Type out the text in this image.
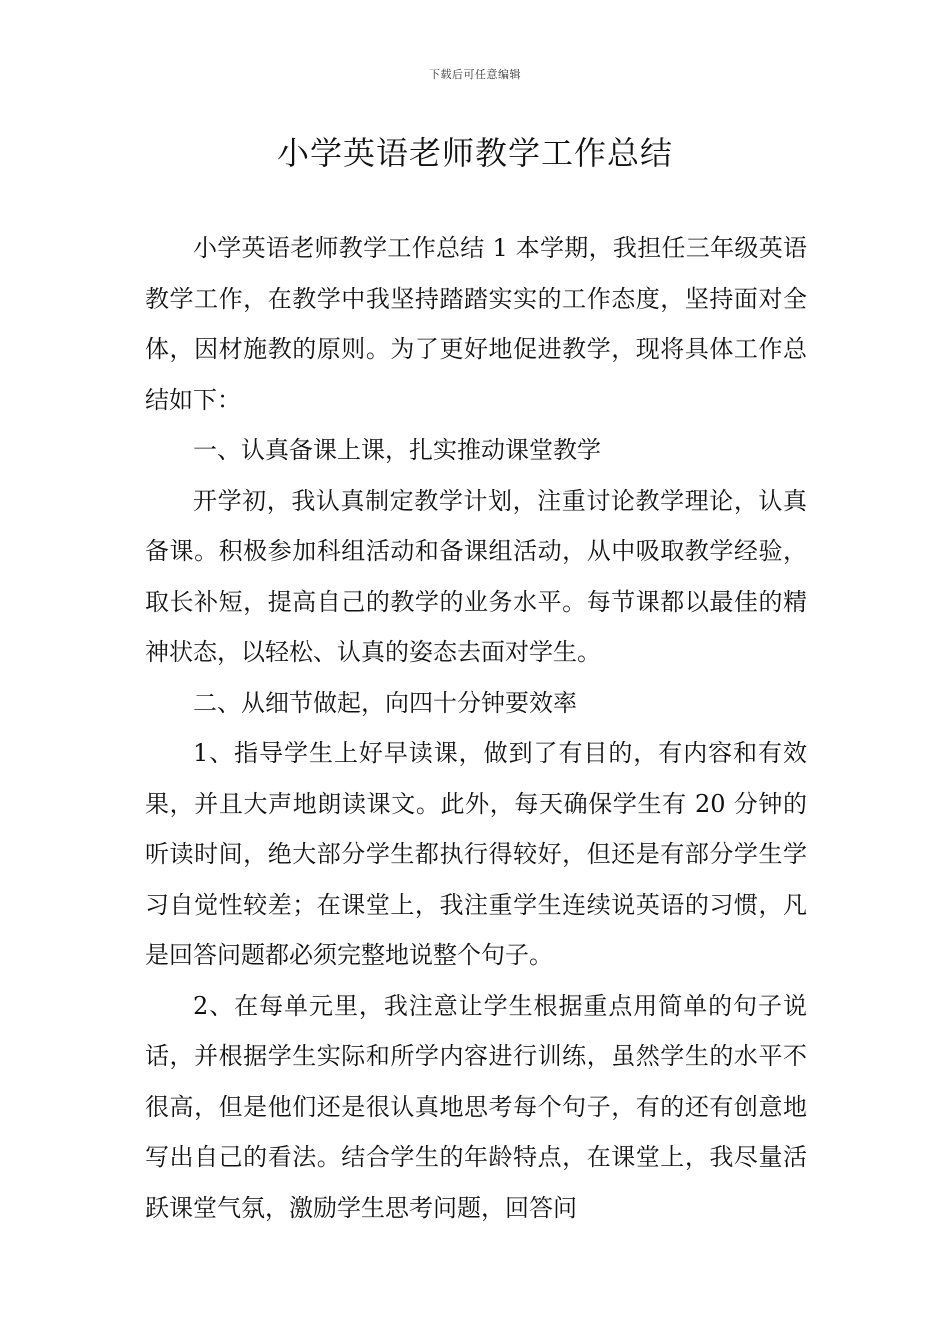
下载后可任意编辑
小学英语老师教学工作总结

小学英语老师教学工作总结 1 本学期，我担任三年级英语教学工作，在教学中我坚持踏踏实实的工作态度，坚持面对全体，因材施教的原则。为了更好地促进教学，现将具体工作总结如下：

一、认真备课上课，扎实推动课堂教学

开学初，我认真制定教学计划，注重讨论教学理论，认真备课。积极参加科组活动和备课组活动，从中吸取教学经验，取长补短，提高自己的教学的业务水平。每节课都以最佳的精神状态，以轻松、认真的姿态去面对学生。

二、从细节做起，向四十分钟要效率

1、指导学生上好早读课，做到了有目的，有内容和有效果，并且大声地朗读课文。此外，每天确保学生有 20 分钟的听读时间，绝大部分学生都执行得较好，但还是有部分学生学习自觉性较差；在课堂上，我注重学生连续说英语的习惯，凡是回答问题都必须完整地说整个句子。

2、在每单元里，我注意让学生根据重点用简单的句子说话，并根据学生实际和所学内容进行训练，虽然学生的水平不很高，但是他们还是很认真地思考每个句子，有的还有创意地写出自己的看法。结合学生的年龄特点，在课堂上，我尽量活跃课堂气氛，激励学生思考问题，回答问
